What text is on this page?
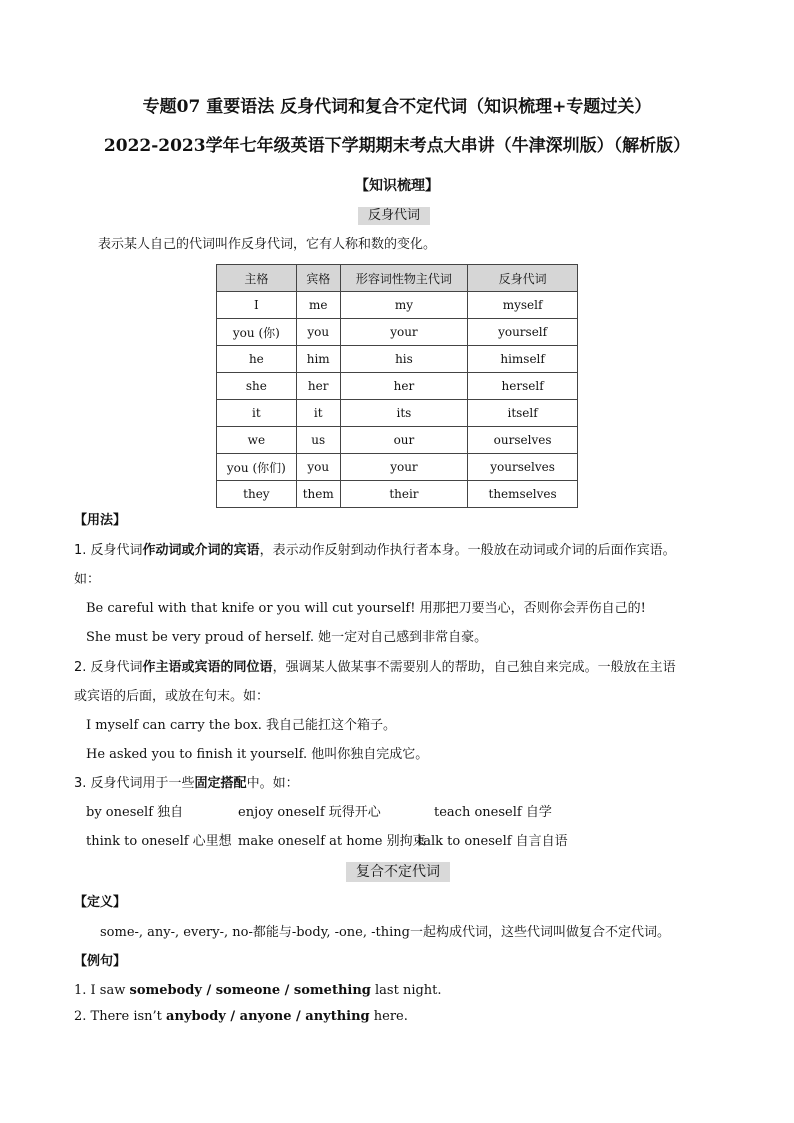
专题07 重要语法 反身代词和复合不定代词（知识梳理+专题过关）
2022-2023学年七年级英语下学期期末考点大串讲（牛津深圳版）（解析版）
【知识梳理】
反身代词
表示某人自己的代词叫作反身代词，它有人称和数的变化。
主格	宾格	形容词性物主代词	反身代词
I	me	my	myself
you (你)	you	your	yourself
he	him	his	himself
she	her	her	herself
it	it	its	itself
we	us	our	ourselves
you (你们)	you	your	yourselves
they	them	their	themselves
【用法】
1. 反身代词作动词或介词的宾语，表示动作反射到动作执行者本身。一般放在动词或介词的后面作宾语。
如：
Be careful with that knife or you will cut yourself! 用那把刀要当心，否则你会弄伤自己的!
She must be very proud of herself. 她一定对自己感到非常自豪。
2. 反身代词作主语或宾语的同位语，强调某人做某事不需要别人的帮助，自己独自来完成。一般放在主语
或宾语的后面，或放在句末。如：
I myself can carry the box. 我自己能扛这个箱子。
He asked you to finish it yourself. 他叫你独自完成它。
3. 反身代词用于一些固定搭配中。如：
by oneself 独自	enjoy oneself 玩得开心	teach oneself 自学
think to oneself 心里想 make oneself at home 别拘束
talk to oneself 自言自语
复合不定代词
【定义】
some-, any-, every-, no-都能与-body, -one, -thing一起构成代词，这些代词叫做复合不定代词。
【例句】
1. I saw somebody / someone / something last night.
2. There isn’t anybody / anyone / anything here.
